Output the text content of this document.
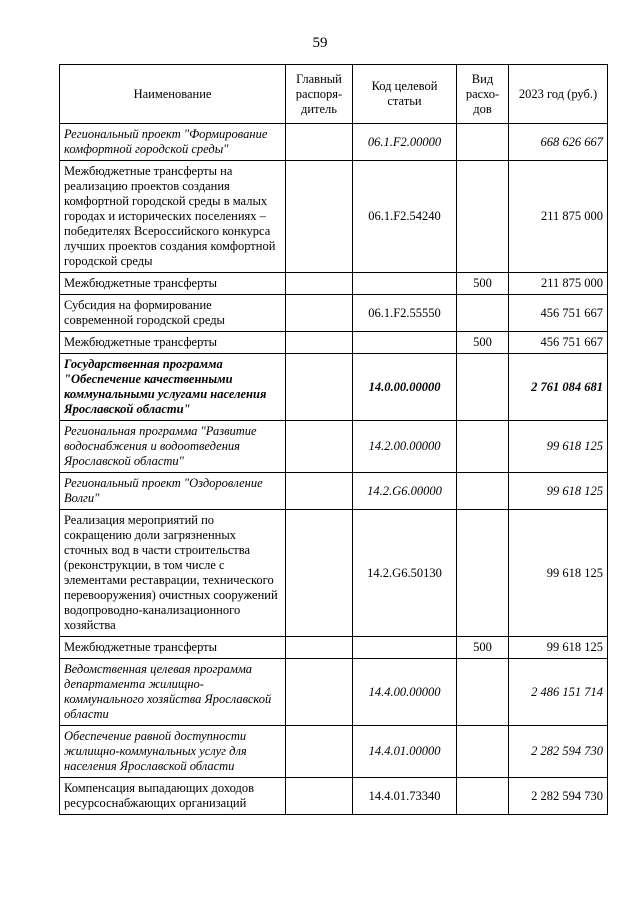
59
Наименование	Главный распоря-дитель	Код целевой статьи	Вид расхо-дов	2023 год (руб.)
Региональный проект "Формирование комфортной городской среды"		06.1.F2.00000		668 626 667
Межбюджетные трансферты на реализацию проектов создания комфортной городской среды в малых городах и исторических поселениях – победителях Всероссийского конкурса лучших проектов создания комфортной городской среды		06.1.F2.54240		211 875 000
Межбюджетные трансферты			500	211 875 000
Субсидия на формирование современной городской среды		06.1.F2.55550		456 751 667
Межбюджетные трансферты			500	456 751 667
Государственная программа "Обеспечение качественными коммунальными услугами населения Ярославской области"		14.0.00.00000		2 761 084 681
Региональная программа "Развитие водоснабжения и водоотведения Ярославской области"		14.2.00.00000		99 618 125
Региональный проект "Оздоровление Волги"		14.2.G6.00000		99 618 125
Реализация мероприятий по сокращению доли загрязненных сточных вод в части строительства (реконструкции, в том числе с элементами реставрации, технического перевооружения) очистных сооружений водопроводно-канализационного хозяйства		14.2.G6.50130		99 618 125
Межбюджетные трансферты			500	99 618 125
Ведомственная целевая программа департамента жилищно-коммунального хозяйства Ярославской области		14.4.00.00000		2 486 151 714
Обеспечение равной доступности жилищно-коммунальных услуг для населения Ярославской области		14.4.01.00000		2 282 594 730
Компенсация выпадающих доходов ресурсоснабжающих организаций		14.4.01.73340		2 282 594 730
